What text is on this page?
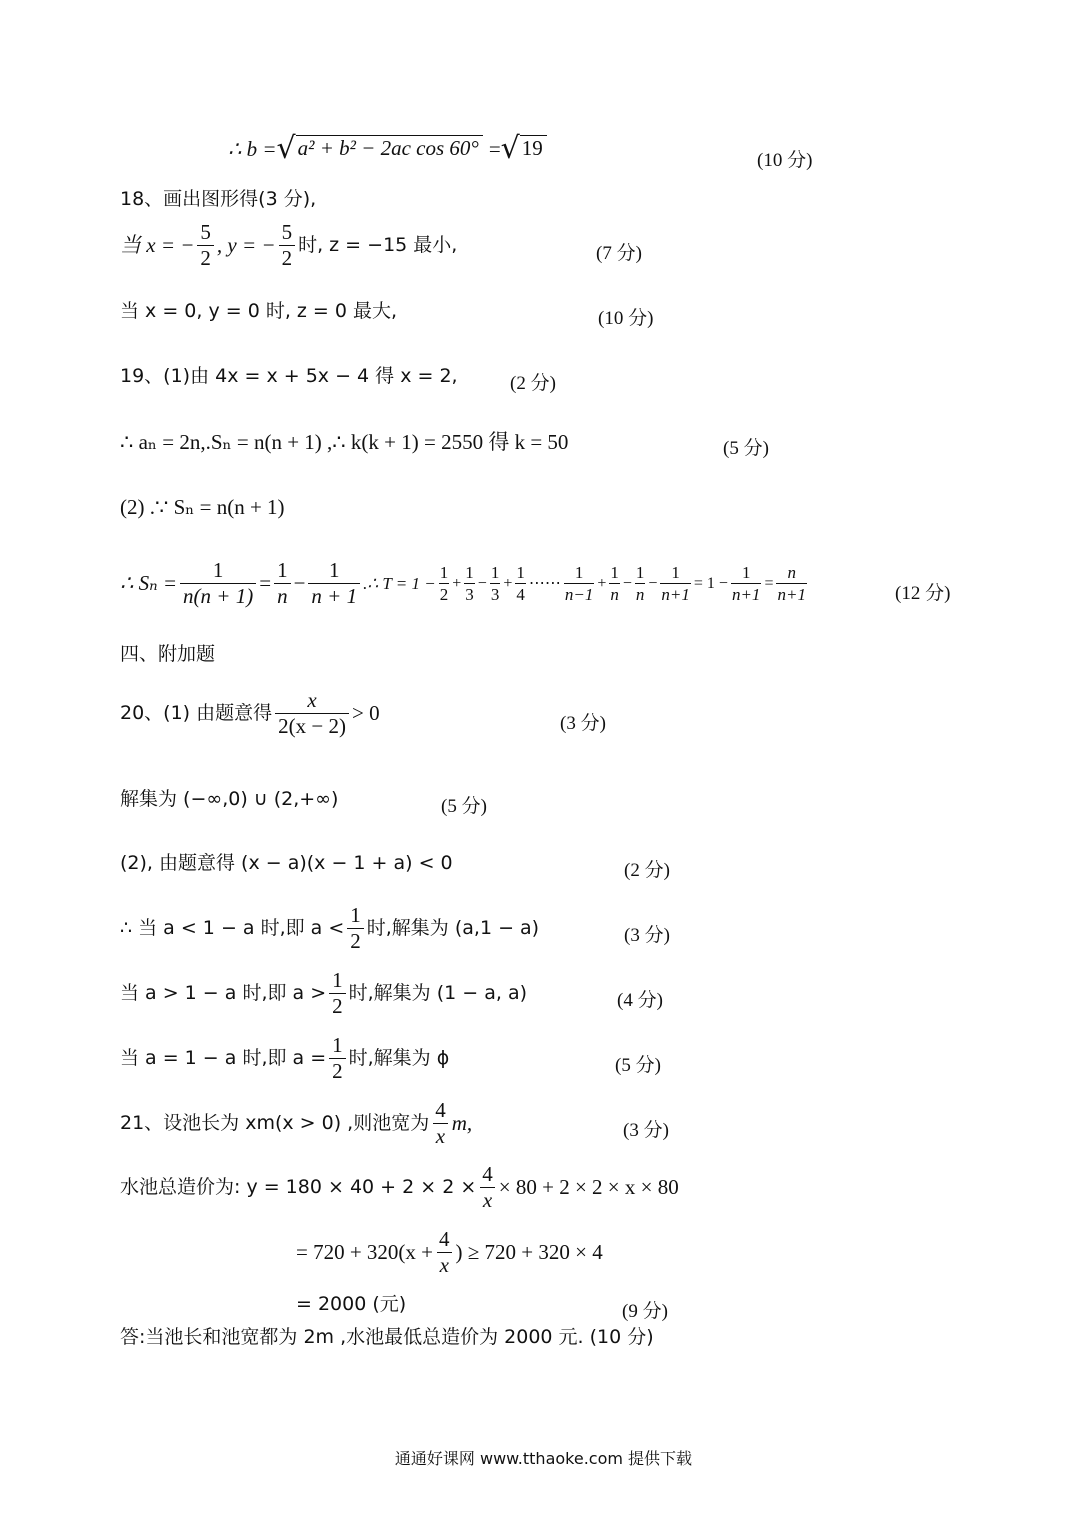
∴ b = √ a² + b² − 2ac cos 60° = √ 19
(10 分)
18、画出图形得(3 分),
当 x = − $\frac{5}{2}$ , y = − $\frac{5}{2}$ 时, z = −15 最小,	(7 分)
当 x = 0, y = 0 时, z = 0 最大,	(10 分)
19、(1)由 4x = x + 5x − 4 得 x = 2,	(2 分)
∴ aₙ = 2n,.Sₙ = n(n + 1) ,∴ k(k + 1) = 2550 得 k = 50	(5 分)
(2) .∵ Sₙ = n(n + 1)
∴ $S_n = \frac{1}{n(n + 1)} = \frac{1}{n} - \frac{1}{n + 1}$ .∴ $T = 1 - \frac{1}{2} + \frac{1}{3} - \frac{1}{3} + \frac{1}{4}$ ⋯⋯ $\frac{1}{n-1} + \frac{1}{n} - \frac{1}{n} - \frac{1}{n+1} = 1 - \frac{1}{n+1} = \frac{n}{n+1}$	(12 分)
四、附加题
20、(1) 由题意得 $\frac{x}{2(x - 2)} > 0$	(3 分)
解集为 (−∞,0) ∪ (2,+∞)	(5 分)
(2), 由题意得 (x − a)(x − 1 + a) < 0	(2 分)
∴ 当 a < 1 − a 时,即 $a < \frac{1}{2}$ 时,解集为 (a,1 − a)	(3 分)
当 a > 1 − a 时,即 $a > \frac{1}{2}$ 时,解集为 (1 − a, a)	(4 分)
当 a = 1 − a 时,即 $a = \frac{1}{2}$ 时,解集为 ϕ	(5 分)
21、设池长为 xm(x > 0) ,则池宽为 $\frac{4}{x} m$,	(3 分)
水池总造价为: $y = 180 \times 40 + 2 \times 2 \times \frac{4}{x} \times 80 + 2 \times 2 \times x \times 80$
= $720 + 320(x + \frac{4}{x}$ ) ≥ 720 + 320 × 4
= 2000 (元)	(9 分)
答:当池长和池宽都为 2m ,水池最低总造价为 2000 元. (10 分)
通通好课网 www.tthaoke.com 提供下载
